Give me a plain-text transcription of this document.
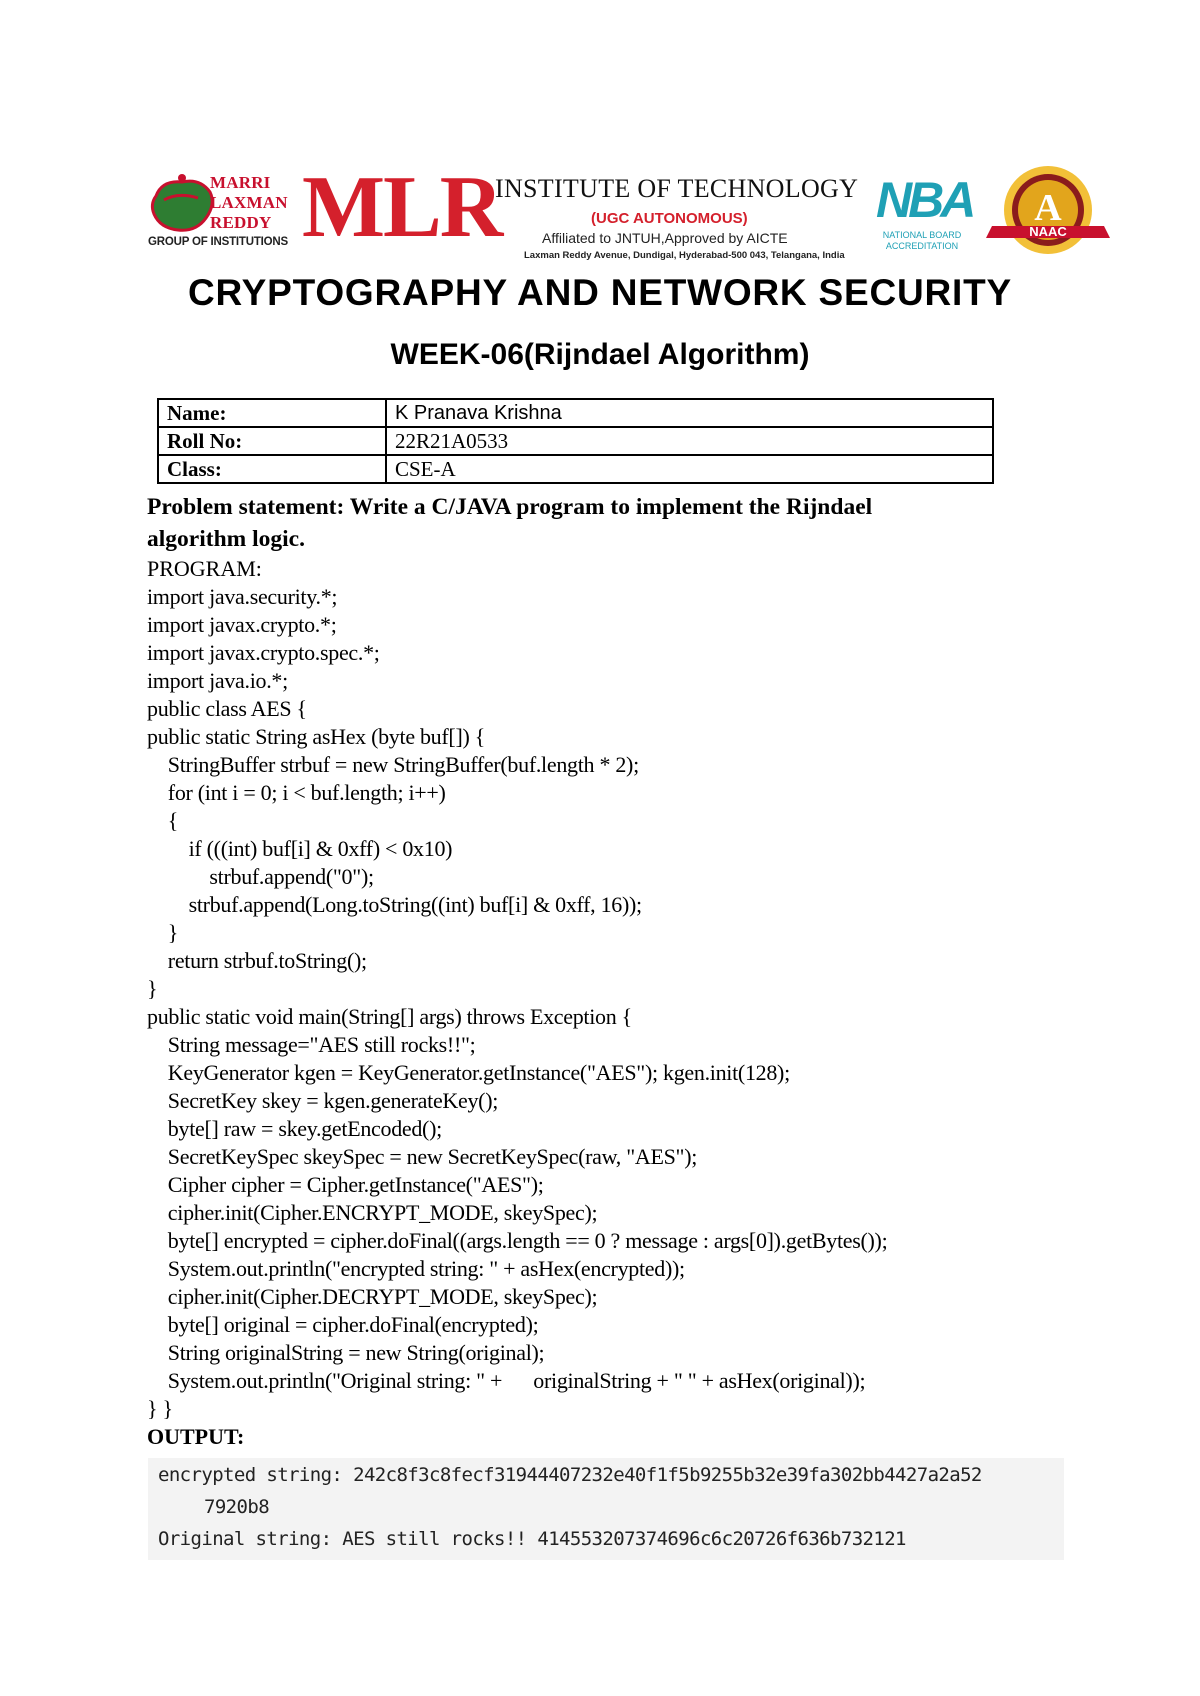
MARRI
LAXMAN
REDDY
GROUP OF INSTITUTIONS MLR
INSTITUTE OF TECHNOLOGY
(UGC AUTONOMOUS)
Affiliated to JNTUH,Approved by AICTE
Laxman Reddy Avenue, Dundigal, Hyderabad-500 043, Telangana, India
NBA
NATIONAL BOARD
ACCREDITATION
A
NAAC
CRYPTOGRAPHY AND NETWORK SECURITY
WEEK-06(Rijndael Algorithm)
Name:	K Pranava Krishna
Roll No:	22R21A0533
Class:	CSE-A

Problem statement: Write a C/JAVA program to implement the Rijndael
algorithm logic.

PROGRAM:

import java.security.*;
import javax.crypto.*;
import javax.crypto.spec.*;
import java.io.*;
public class AES {
public static String asHex (byte buf[]) {
StringBuffer strbuf = new StringBuffer(buf.length * 2);
for (int i = 0; i < buf.length; i++)
{
if (((int) buf[i] & 0xff) < 0x10)
strbuf.append("0");
strbuf.append(Long.toString((int) buf[i] & 0xff, 16));
}
return strbuf.toString();
}
public static void main(String[] args) throws Exception {
String message="AES still rocks!!";
KeyGenerator kgen = KeyGenerator.getInstance("AES"); kgen.init(128);
SecretKey skey = kgen.generateKey();
byte[] raw = skey.getEncoded();
SecretKeySpec skeySpec = new SecretKeySpec(raw, "AES");
Cipher cipher = Cipher.getInstance("AES");
cipher.init(Cipher.ENCRYPT_MODE, skeySpec);
byte[] encrypted = cipher.doFinal((args.length == 0 ? message : args[0]).getBytes());
System.out.println("encrypted string: " + asHex(encrypted));
cipher.init(Cipher.DECRYPT_MODE, skeySpec);
byte[] original = cipher.doFinal(encrypted);
String originalString = new String(original);
System.out.println("Original string: " +      originalString + " " + asHex(original));
} }

OUTPUT:

encrypted string: 242c8f3c8fecf31944407232e40f1f5b9255b32e39fa302bb4427a2a52
7920b8
Original string: AES still rocks!! 414553207374696c6c20726f636b732121
